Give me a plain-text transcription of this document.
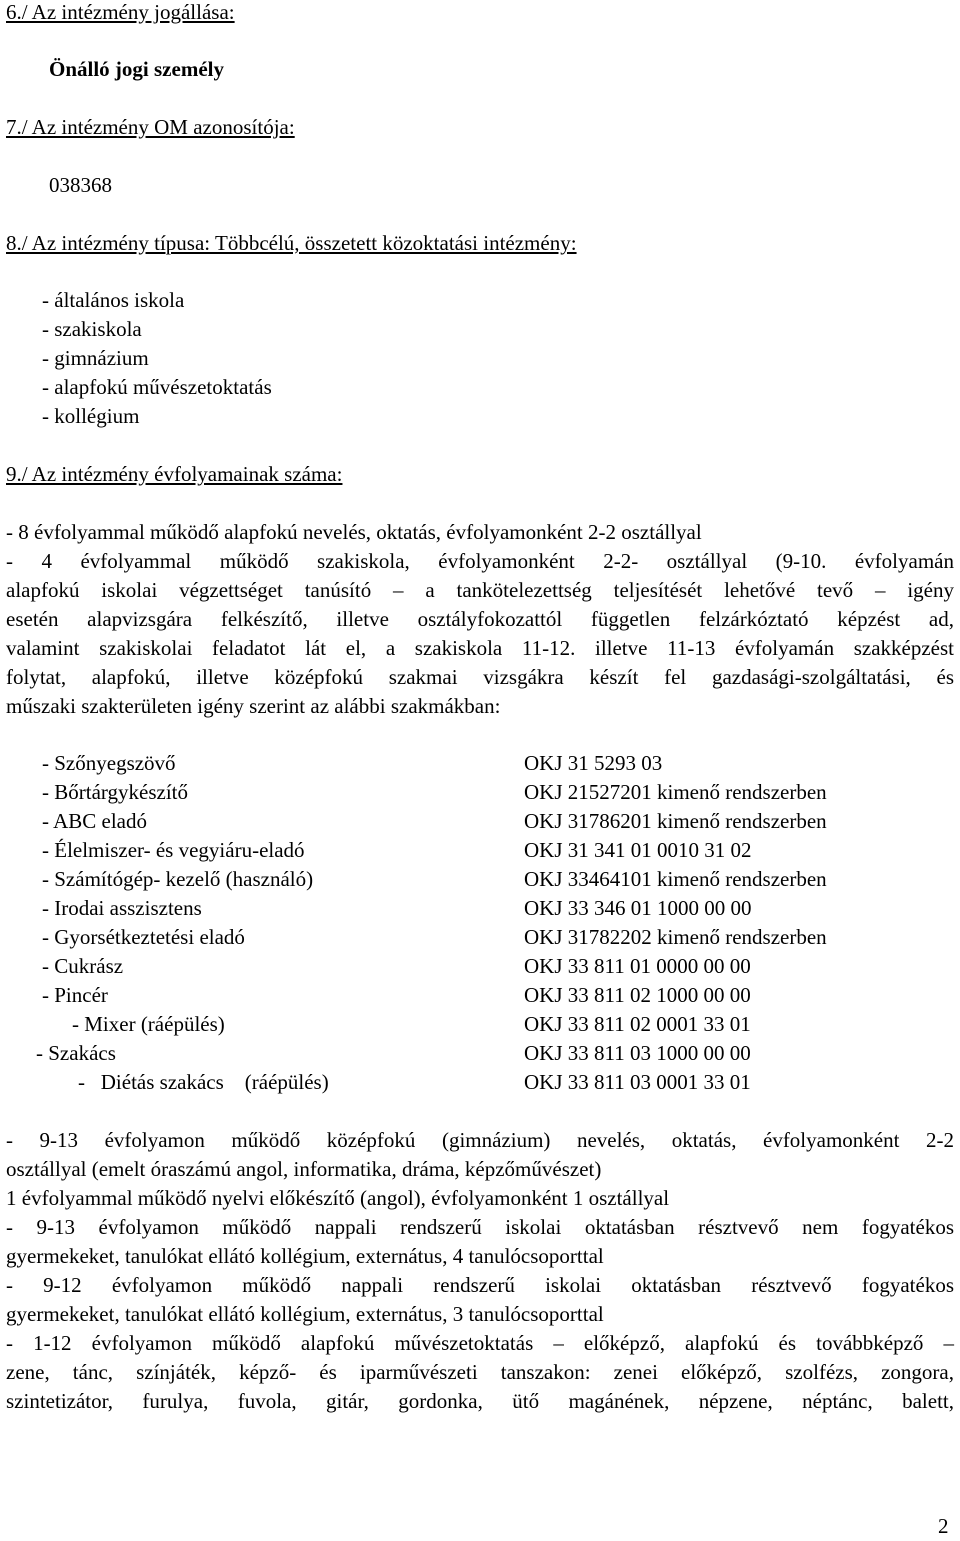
6./ Az intézmény jogállása:
Önálló jogi személy
7./ Az intézmény OM azonosítója:
038368
8./ Az intézmény típusa: Többcélú, összetett közoktatási intézmény:
- általános iskola
- szakiskola
- gimnázium
- alapfokú művészetoktatás
- kollégium
9./ Az intézmény évfolyamainak száma:
- 8 évfolyammal működő alapfokú nevelés, oktatás, évfolyamonként 2-2 osztállyal
- 4 évfolyammal működő szakiskola, évfolyamonként 2-2- osztállyal (9-10. évfolyamán
alapfokú iskolai végzettséget tanúsító – a tankötelezettség teljesítését lehetővé tevő – igény
esetén alapvizsgára felkészítő, illetve osztályfokozattól független felzárkóztató képzést ad,
valamint szakiskolai feladatot lát el, a szakiskola 11-12. illetve 11-13 évfolyamán szakképzést
folytat, alapfokú, illetve középfokú szakmai vizsgákra készít fel gazdasági-szolgáltatási, és
műszaki szakterületen igény szerint az alábbi szakmákban:
- Szőnyegszövő	OKJ 31 5293 03
- Bőrtárgykészítő	OKJ 21527201 kimenő rendszerben
- ABC eladó	OKJ 31786201 kimenő rendszerben
- Élelmiszer- és vegyiáru-eladó	OKJ 31 341 01 0010 31 02
- Számítógép- kezelő (használó)	OKJ 33464101 kimenő rendszerben
- Irodai asszisztens	OKJ 33 346 01 1000 00 00
- Gyorsétkeztetési eladó	OKJ 31782202 kimenő rendszerben
- Cukrász	OKJ 33 811 01 0000 00 00
- Pincér	OKJ 33 811 02 1000 00 00
- Mixer (ráépülés)	OKJ 33 811 02 0001 33 01
- Szakács	OKJ 33 811 03 1000 00 00
-   Diétás szakács    (ráépülés)	OKJ 33 811 03 0001 33 01
- 9-13 évfolyamon működő középfokú (gimnázium) nevelés, oktatás, évfolyamonként 2-2
osztállyal (emelt óraszámú angol, informatika, dráma, képzőművészet)
1 évfolyammal működő nyelvi előkészítő (angol), évfolyamonként 1 osztállyal
- 9-13 évfolyamon működő nappali rendszerű iskolai oktatásban résztvevő nem fogyatékos
gyermekeket, tanulókat ellátó kollégium, externátus, 4 tanulócsoporttal
- 9-12 évfolyamon működő nappali rendszerű iskolai oktatásban résztvevő fogyatékos
gyermekeket, tanulókat ellátó kollégium, externátus, 3 tanulócsoporttal
- 1-12 évfolyamon működő alapfokú művészetoktatás – előképző, alapfokú és továbbképző –
zene, tánc, színjáték, képző- és iparművészeti tanszakon: zenei előképző, szolfézs, zongora,
szintetizátor, furulya, fuvola, gitár, gordonka, ütő magánének, népzene, néptánc, balett,
2
